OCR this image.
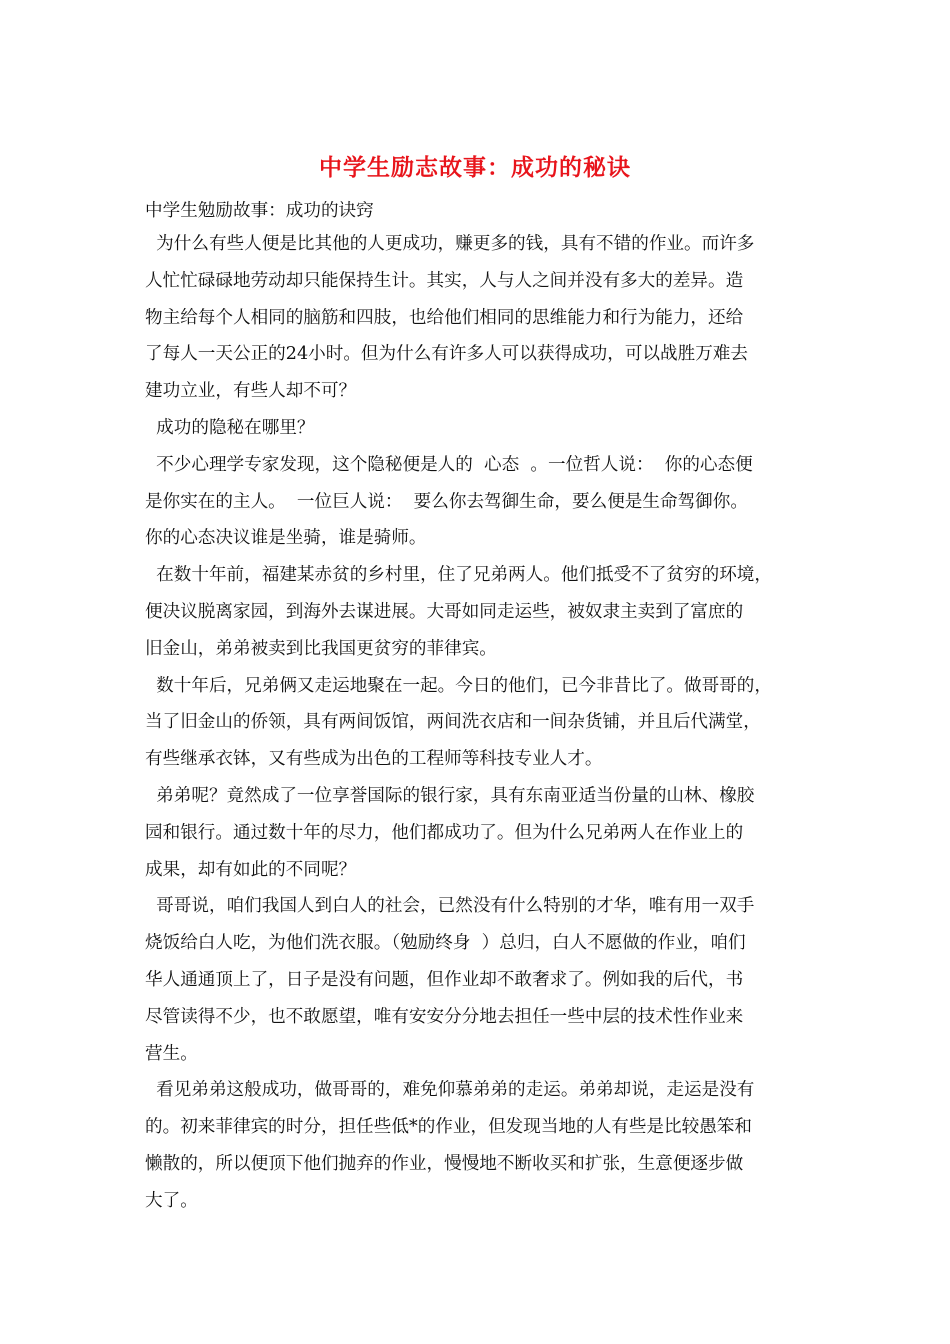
中学生励志故事：成功的秘诀
中学生勉励故事：成功的诀窍
为什么有些人便是比其他的人更成功，赚更多的钱，具有不错的作业。而许多
人忙忙碌碌地劳动却只能保持生计。其实，人与人之间并没有多大的差异。造
物主给每个人相同的脑筋和四肢，也给他们相同的思维能力和行为能力，还给
了每人一天公正的24小时。但为什么有许多人可以获得成功，可以战胜万难去
建功立业，有些人却不可？
成功的隐秘在哪里？
不少心理学专家发现，这个隐秘便是人的  心态  。一位哲人说：  你的心态便
是你实在的主人。  一位巨人说：  要么你去驾御生命，要么便是生命驾御你。
你的心态决议谁是坐骑，谁是骑师。
在数十年前，福建某赤贫的乡村里，住了兄弟两人。他们抵受不了贫穷的环境，
便决议脱离家园，到海外去谋进展。大哥如同走运些，被奴隶主卖到了富庶的
旧金山，弟弟被卖到比我国更贫穷的菲律宾。
数十年后，兄弟俩又走运地聚在一起。今日的他们，已今非昔比了。做哥哥的，
当了旧金山的侨领，具有两间饭馆，两间洗衣店和一间杂货铺，并且后代满堂，
有些继承衣钵，又有些成为出色的工程师等科技专业人才。
弟弟呢？竟然成了一位享誉国际的银行家，具有东南亚适当份量的山林、橡胶
园和银行。通过数十年的尽力，他们都成功了。但为什么兄弟两人在作业上的
成果，却有如此的不同呢？
哥哥说，咱们我国人到白人的社会，已然没有什么特别的才华，唯有用一双手
烧饭给白人吃，为他们洗衣服。（勉励终身  ）总归，白人不愿做的作业，咱们
华人通通顶上了，日子是没有问题，但作业却不敢奢求了。例如我的后代，书
尽管读得不少，也不敢愿望，唯有安安分分地去担任一些中层的技术性作业来
营生。
看见弟弟这般成功，做哥哥的，难免仰慕弟弟的走运。弟弟却说，走运是没有
的。初来菲律宾的时分，担任些低*的作业，但发现当地的人有些是比较愚笨和
懒散的，所以便顶下他们抛弃的作业，慢慢地不断收买和扩张，生意便逐步做
大了。
